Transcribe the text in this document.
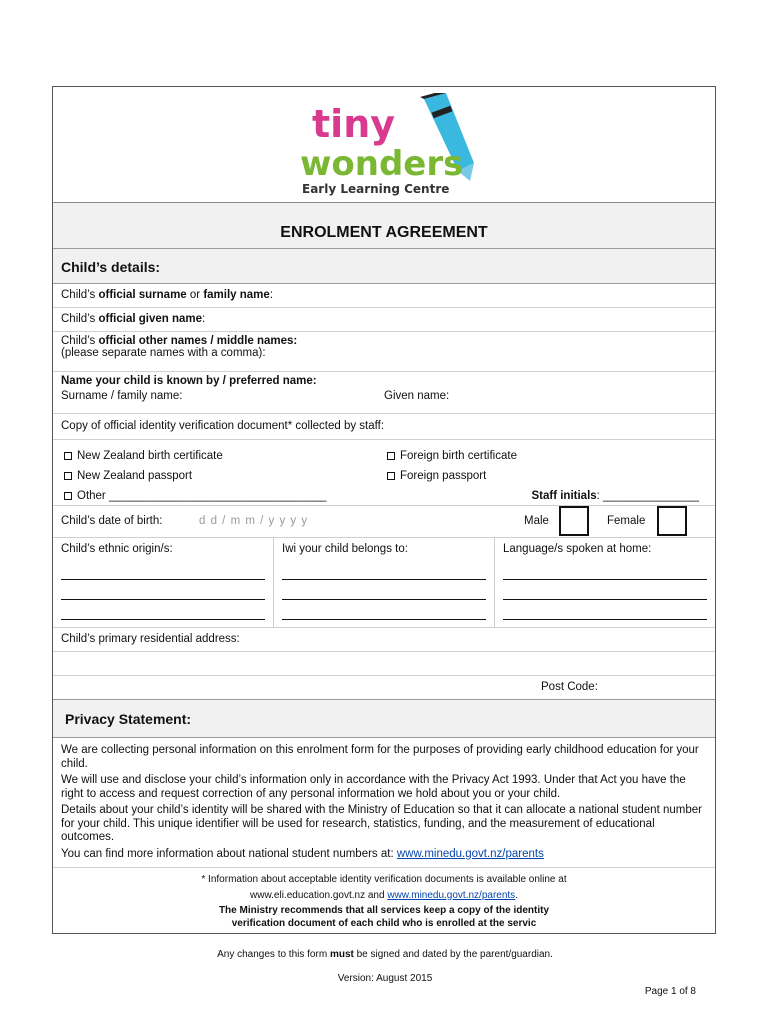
tiny
wonders
Early Learning Centre
ENROLMENT AGREEMENT
Child’s details:
Child’s official surname or family name:
Child’s official given name:
Child’s official other names / middle names:
(please separate names with a comma):
Name your child is known by / preferred name:
Surname / family name:	Given name:
Copy of official identity verification document* collected by staff:
New Zealand birth certificate	Foreign birth certificate
New Zealand passport	Foreign passport
Other __________________________________	Staff initials: _______________
Child’s date of birth:	d d / m m / y y y y	Male	Female
Child’s ethnic origin/s:	Iwi your child belongs to:	Language/s spoken at home:
Child’s primary residential address:
Post Code:
Privacy Statement:

We are collecting personal information on this enrolment form for the purposes of providing early childhood education for your child.

We will use and disclose your child’s information only in accordance with the Privacy Act 1993. Under that Act you have the right to access and request correction of any personal information we hold about you or your child.

Details about your child’s identity will be shared with the Ministry of Education so that it can allocate a national student number for your child. This unique identifier will be used for research, statistics, funding, and the measurement of educational outcomes.

You can find more information about national student numbers at: www.minedu.govt.nz/parents

* Information about acceptable identity verification documents is available online at

www.eli.education.govt.nz and www.minedu.govt.nz/parents.

The Ministry recommends that all services keep a copy of the identity

verification document of each child who is enrolled at the servic

Any changes to this form must be signed and dated by the parent/guardian.
Version: August 2015
Page 1 of 8
